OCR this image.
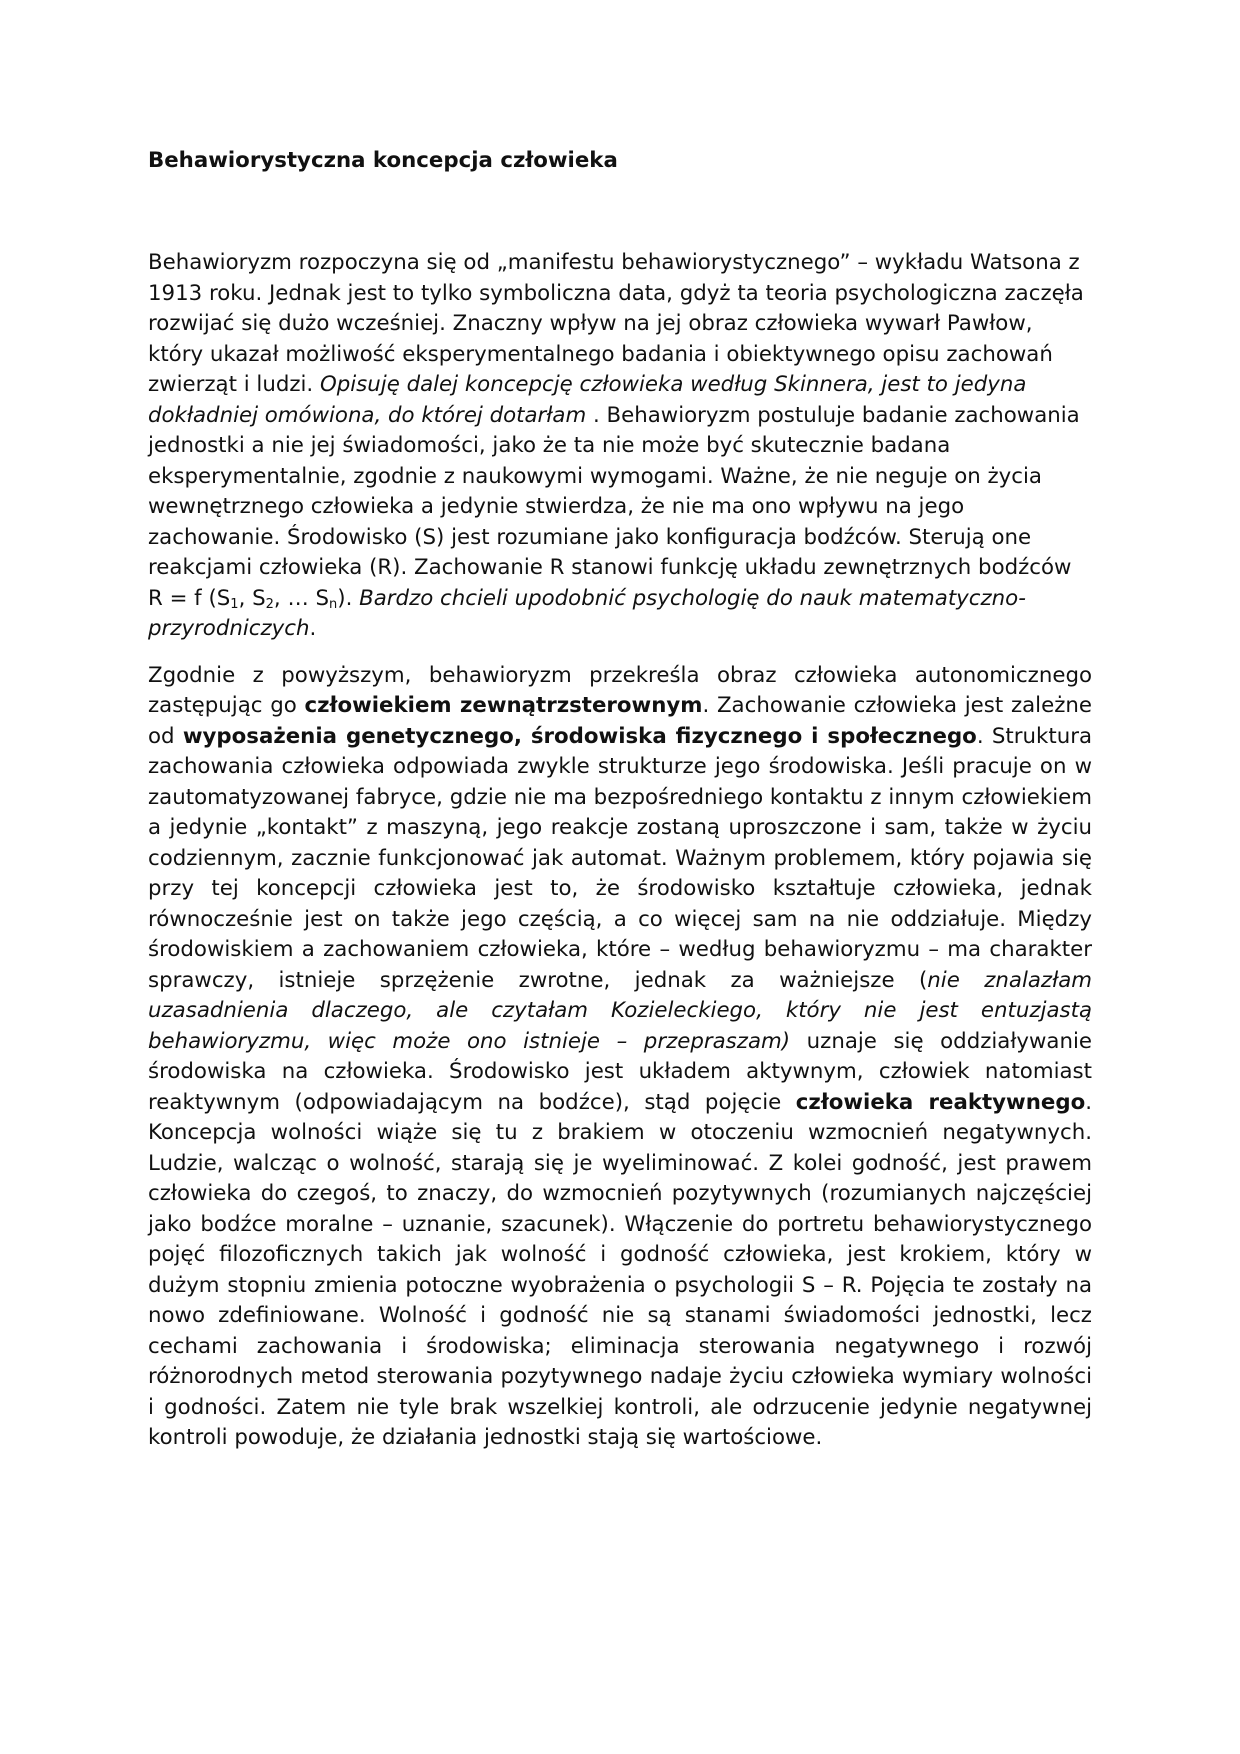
Behawiorystyczna koncepcja człowieka

Behawioryzm rozpoczyna się od „manifestu behawiorystycznego” – wykładu Watsona z 1913 roku. Jednak jest to tylko symboliczna data, gdyż ta teoria psychologiczna zaczęła rozwijać się dużo wcześniej. Znaczny wpływ na jej obraz człowieka wywarł Pawłow, który ukazał możliwość eksperymentalnego badania i obiektywnego opisu zachowań zwierząt i ludzi. Opisuję dalej koncepcję człowieka według Skinnera, jest to jedyna dokładniej omówiona, do której dotarłam . Behawioryzm postuluje badanie zachowania jednostki a nie jej świadomości, jako że ta nie może być skutecznie badana eksperymentalnie, zgodnie z naukowymi wymogami. Ważne, że nie neguje on życia wewnętrznego człowieka a jedynie stwierdza, że nie ma ono wpływu na jego zachowanie. Środowisko (S) jest rozumiane jako konfiguracja bodźców. Sterują one reakcjami człowieka (R). Zachowanie R stanowi funkcję układu zewnętrznych bodźców R = f ($S_1$, $S_2$, … $S_n$). Bardzo chcieli upodobnić psychologię do nauk matematyczno-przyrodniczych.

Zgodnie z powyższym, behawioryzm przekreśla obraz człowieka autonomicznego zastępując go człowiekiem zewnątrzsterownym. Zachowanie człowieka jest zależne od wyposażenia genetycznego, środowiska fizycznego i społecznego. Struktura zachowania człowieka odpowiada zwykle strukturze jego środowiska. Jeśli pracuje on w zautomatyzowanej fabryce, gdzie nie ma bezpośredniego kontaktu z innym człowiekiem a jedynie „kontakt” z maszyną, jego reakcje zostaną uproszczone i sam, także w życiu codziennym, zacznie funkcjonować jak automat. Ważnym problemem, który pojawia się przy tej koncepcji człowieka jest to, że środowisko kształtuje człowieka, jednak równocześnie jest on także jego częścią, a co więcej sam na nie oddziałuje. Między środowiskiem a zachowaniem człowieka, które – według behawioryzmu – ma charakter sprawczy, istnieje sprzężenie zwrotne, jednak za ważniejsze (nie znalazłam uzasadnienia dlaczego, ale czytałam Kozieleckiego, który nie jest entuzjastą behawioryzmu, więc może ono istnieje – przepraszam) uznaje się oddziaływanie środowiska na człowieka. Środowisko jest układem aktywnym, człowiek natomiast reaktywnym (odpowiadającym na bodźce), stąd pojęcie człowieka reaktywnego. Koncepcja wolności wiąże się tu z brakiem w otoczeniu wzmocnień negatywnych. Ludzie, walcząc o wolność, starają się je wyeliminować. Z kolei godność, jest prawem człowieka do czegoś, to znaczy, do wzmocnień pozytywnych (rozumianych najczęściej jako bodźce moralne – uznanie, szacunek). Włączenie do portretu behawiorystycznego pojęć filozoficznych takich jak wolność i godność człowieka, jest krokiem, który w dużym stopniu zmienia potoczne wyobrażenia o psychologii S – R. Pojęcia te zostały na nowo zdefiniowane. Wolność i godność nie są stanami świadomości jednostki, lecz cechami zachowania i środowiska; eliminacja sterowania negatywnego i rozwój różnorodnych metod sterowania pozytywnego nadaje życiu człowieka wymiary wolności i godności. Zatem nie tyle brak wszelkiej kontroli, ale odrzucenie jedynie negatywnej kontroli powoduje, że działania jednostki stają się wartościowe.
